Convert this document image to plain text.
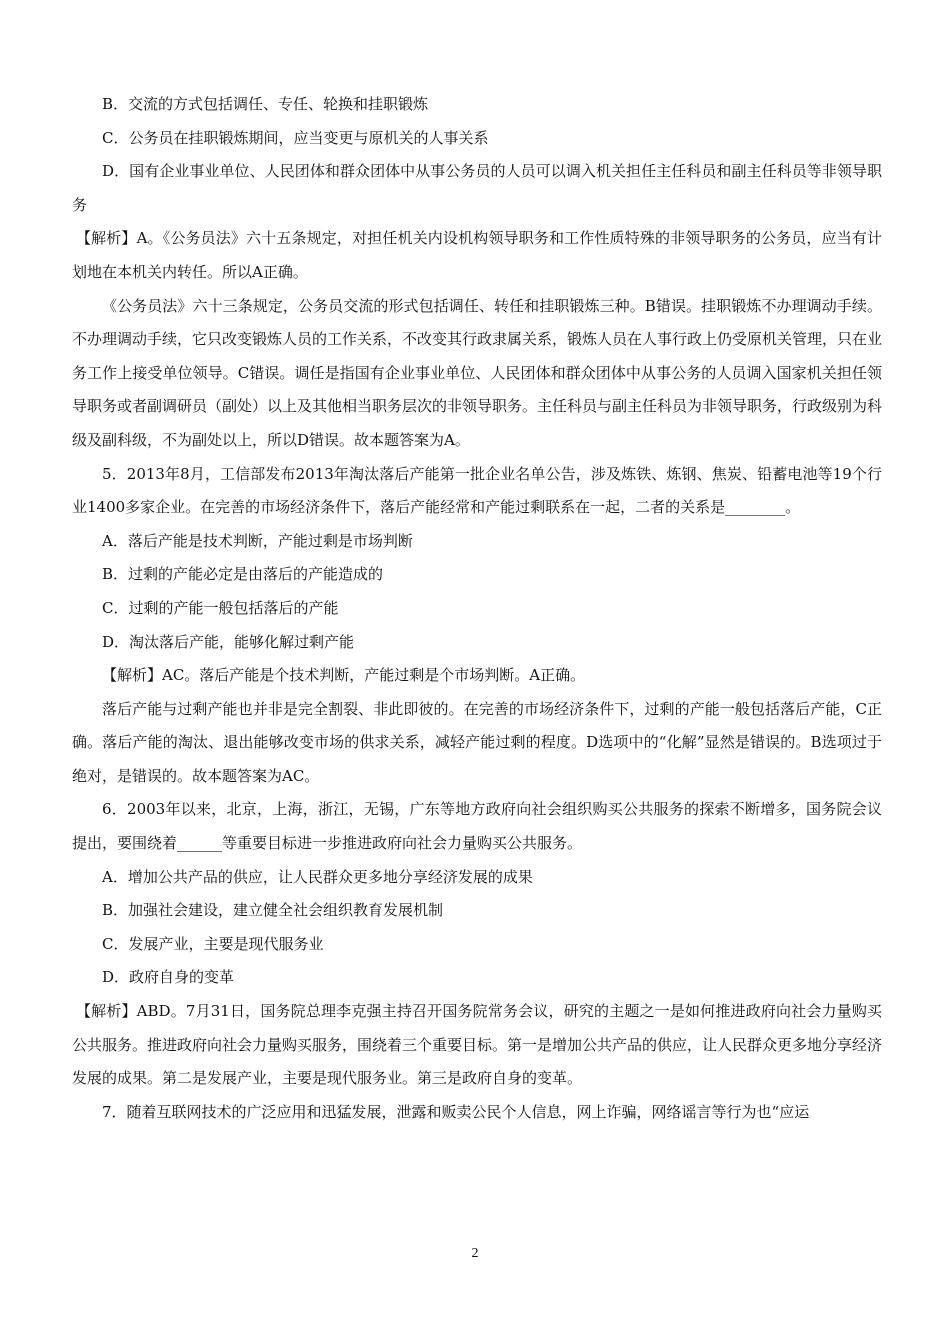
B．交流的方式包括调任、专任、轮换和挂职锻炼

C．公务员在挂职锻炼期间，应当变更与原机关的人事关系

D．国有企业事业单位、人民团体和群众团体中从事公务员的人员可以调入机关担任主任科员和副主任科员等非领导职务

【解析】A。《公务员法》六十五条规定，对担任机关内设机构领导职务和工作性质特殊的非领导职务的公务员，应当有计划地在本机关内转任。所以A正确。

《公务员法》六十三条规定，公务员交流的形式包括调任、转任和挂职锻炼三种。B错误。挂职锻炼不办理调动手续。不办理调动手续，它只改变锻炼人员的工作关系，不改变其行政隶属关系，锻炼人员在人事行政上仍受原机关管理，只在业务工作上接受单位领导。C错误。调任是指国有企业事业单位、人民团体和群众团体中从事公务的人员调入国家机关担任领导职务或者副调研员（副处）以上及其他相当职务层次的非领导职务。主任科员与副主任科员为非领导职务，行政级别为科级及副科级，不为副处以上，所以D错误。故本题答案为A。

5．2013年8月，工信部发布2013年淘汰落后产能第一批企业名单公告，涉及炼铁、炼钢、焦炭、铅蓄电池等19个行业1400多家企业。在完善的市场经济条件下，落后产能经常和产能过剩联系在一起，二者的关系是________。

A．落后产能是技术判断，产能过剩是市场判断

B．过剩的产能必定是由落后的产能造成的

C．过剩的产能一般包括落后的产能

D．淘汰落后产能，能够化解过剩产能

【解析】AC。落后产能是个技术判断，产能过剩是个市场判断。A正确。

落后产能与过剩产能也并非是完全割裂、非此即彼的。在完善的市场经济条件下，过剩的产能一般包括落后产能，C正确。落后产能的淘汰、退出能够改变市场的供求关系，减轻产能过剩的程度。D选项中的“化解”显然是错误的。B选项过于绝对，是错误的。故本题答案为AC。

6．2003年以来，北京，上海，浙江，无锡，广东等地方政府向社会组织购买公共服务的探索不断增多，国务院会议提出，要围绕着______等重要目标进一步推进政府向社会力量购买公共服务。

A．增加公共产品的供应，让人民群众更多地分享经济发展的成果

B．加强社会建设，建立健全社会组织教育发展机制

C．发展产业，主要是现代服务业

D．政府自身的变革

【解析】ABD。7月31日，国务院总理李克强主持召开国务院常务会议，研究的主题之一是如何推进政府向社会力量购买公共服务。推进政府向社会力量购买服务，围绕着三个重要目标。第一是增加公共产品的供应，让人民群众更多地分享经济发展的成果。第二是发展产业，主要是现代服务业。第三是政府自身的变革。

7．随着互联网技术的广泛应用和迅猛发展，泄露和贩卖公民个人信息，网上诈骗，网络谣言等行为也“应运

2
